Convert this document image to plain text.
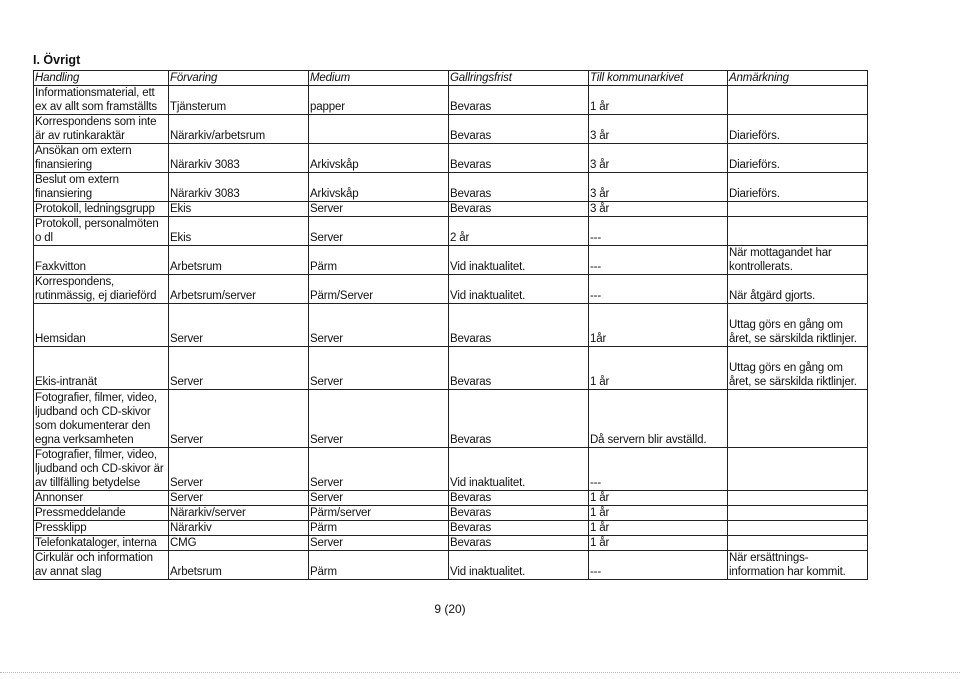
I. Övrigt
Handling	Förvaring	Medium	Gallringsfrist	Till kommunarkivet	Anmärkning
Informationsmaterial, ett
ex av allt som framställts	Tjänsterum	papper	Bevaras	1 år	
Korrespondens som inte
är av rutinkaraktär	Närarkiv/arbetsrum		Bevaras	3 år	Diarieförs.
Ansökan om extern
finansiering	Närarkiv 3083	Arkivskåp	Bevaras	3 år	Diarieförs.
Beslut om extern
finansiering	Närarkiv 3083	Arkivskåp	Bevaras	3 år	Diarieförs.
Protokoll, ledningsgrupp	Ekis	Server	Bevaras	3 år	
Protokoll, personalmöten
o dl	Ekis	Server	2 år	---	
Faxkvitton	Arbetsrum	Pärm	Vid inaktualitet.	---	När mottagandet har
kontrollerats.
Korrespondens,
rutinmässig, ej diarieförd	Arbetsrum/server	Pärm/Server	Vid inaktualitet.	---	När åtgärd gjorts.
Hemsidan	Server	Server	Bevaras	1år	Uttag görs en gång om
året, se särskilda riktlinjer.
Ekis-intranät	Server	Server	Bevaras	1 år	Uttag görs en gång om
året, se särskilda riktlinjer.
Fotografier, filmer, video,
ljudband och CD-skivor
som dokumenterar den
egna verksamheten	Server	Server	Bevaras	Då servern blir avställd.	
Fotografier, filmer, video,
ljudband och CD-skivor är
av tillfälling betydelse	Server	Server	Vid inaktualitet.	---	
Annonser	Server	Server	Bevaras	1 år	
Pressmeddelande	Närarkiv/server	Pärm/server	Bevaras	1 år	
Pressklipp	Närarkiv	Pärm	Bevaras	1 år	
Telefonkataloger, interna	CMG	Server	Bevaras	1 år	
Cirkulär och information
av annat slag	Arbetsrum	Pärm	Vid inaktualitet.	---	När ersättnings-
information har kommit.
9 (20)
